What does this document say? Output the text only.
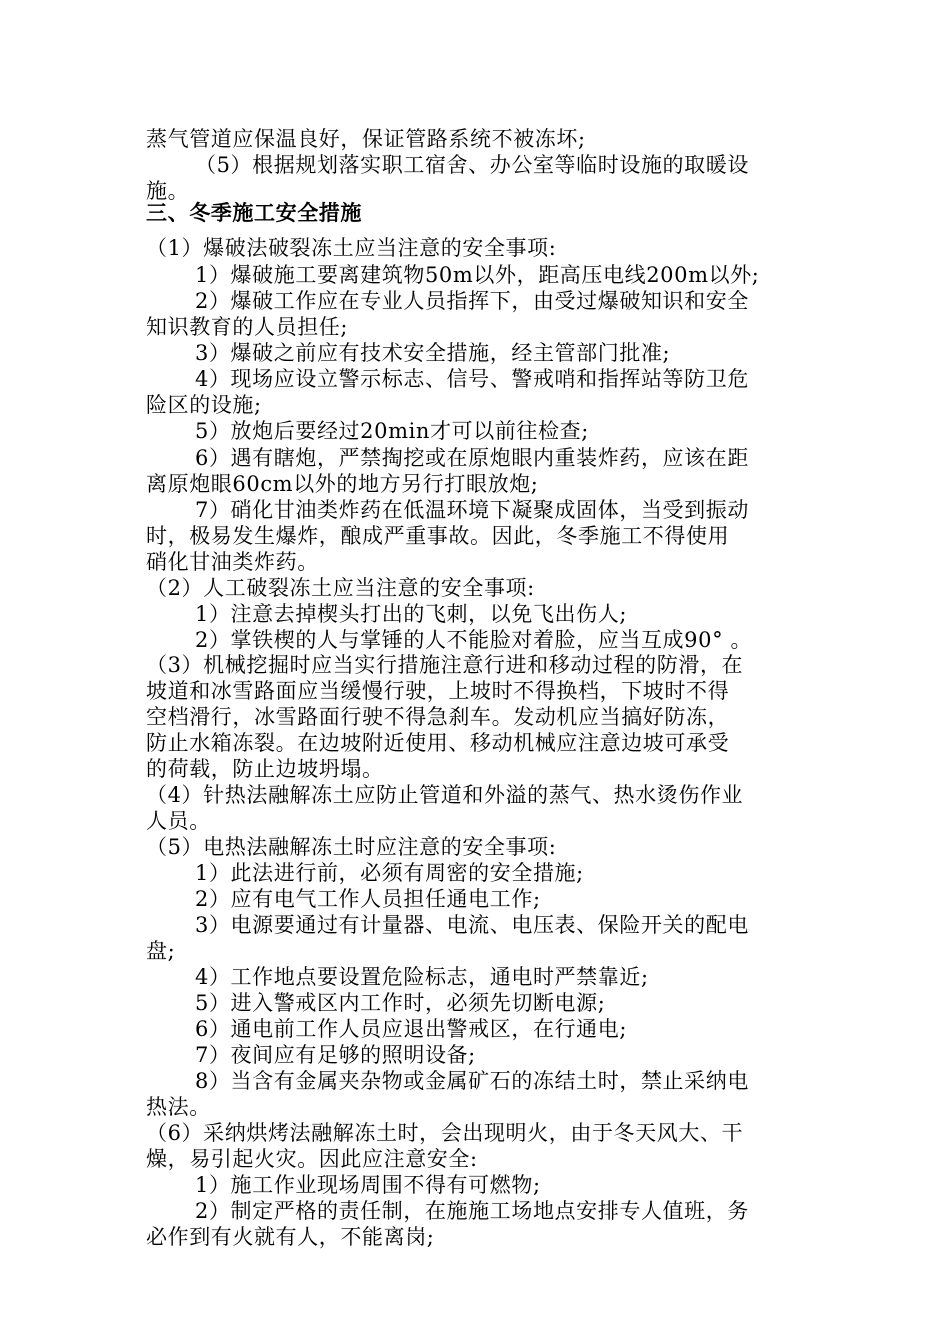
蒸气管道应保温良好，保证管路系统不被冻坏;
（5）根据规划落实职工宿舍、办公室等临时设施的取暖设
施。
三、冬季施工安全措施
（1）爆破法破裂冻土应当注意的安全事项:
1）爆破施工要离建筑物50m以外，距高压电线200m以外;
2）爆破工作应在专业人员指挥下，由受过爆破知识和安全
知识教育的人员担任;
3）爆破之前应有技术安全措施，经主管部门批准;
4）现场应设立警示标志、信号、警戒哨和指挥站等防卫危
险区的设施;
5）放炮后要经过20min才可以前往检查;
6）遇有瞎炮，严禁掏挖或在原炮眼内重装炸药，应该在距
离原炮眼60cm以外的地方另行打眼放炮;
7）硝化甘油类炸药在低温环境下凝聚成固体，当受到振动
时，极易发生爆炸，酿成严重事故。因此，冬季施工不得使用
硝化甘油类炸药。
（2）人工破裂冻土应当注意的安全事项:
1）注意去掉楔头打出的飞刺，以免飞出伤人;
2）掌铁楔的人与掌锤的人不能脸对着脸，应当互成90° 。
（3）机械挖掘时应当实行措施注意行进和移动过程的防滑，在
坡道和冰雪路面应当缓慢行驶，上坡时不得换档，下坡时不得
空档滑行，冰雪路面行驶不得急刹车。发动机应当搞好防冻，
防止水箱冻裂。在边坡附近使用、移动机械应注意边坡可承受
的荷载，防止边坡坍塌。
（4）针热法融解冻土应防止管道和外溢的蒸气、热水烫伤作业
人员。
（5）电热法融解冻土时应注意的安全事项:
1）此法进行前，必须有周密的安全措施;
2）应有电气工作人员担任通电工作;
3）电源要通过有计量器、电流、电压表、保险开关的配电
盘;
4）工作地点要设置危险标志，通电时严禁靠近;
5）进入警戒区内工作时，必须先切断电源;
6）通电前工作人员应退出警戒区，在行通电;
7）夜间应有足够的照明设备;
8）当含有金属夹杂物或金属矿石的冻结土时，禁止采纳电
热法。
（6）采纳烘烤法融解冻土时，会出现明火，由于冬天风大、干
燥，易引起火灾。因此应注意安全:
1）施工作业现场周围不得有可燃物;
2）制定严格的责任制，在施施工场地点安排专人值班，务
必作到有火就有人，不能离岗;
